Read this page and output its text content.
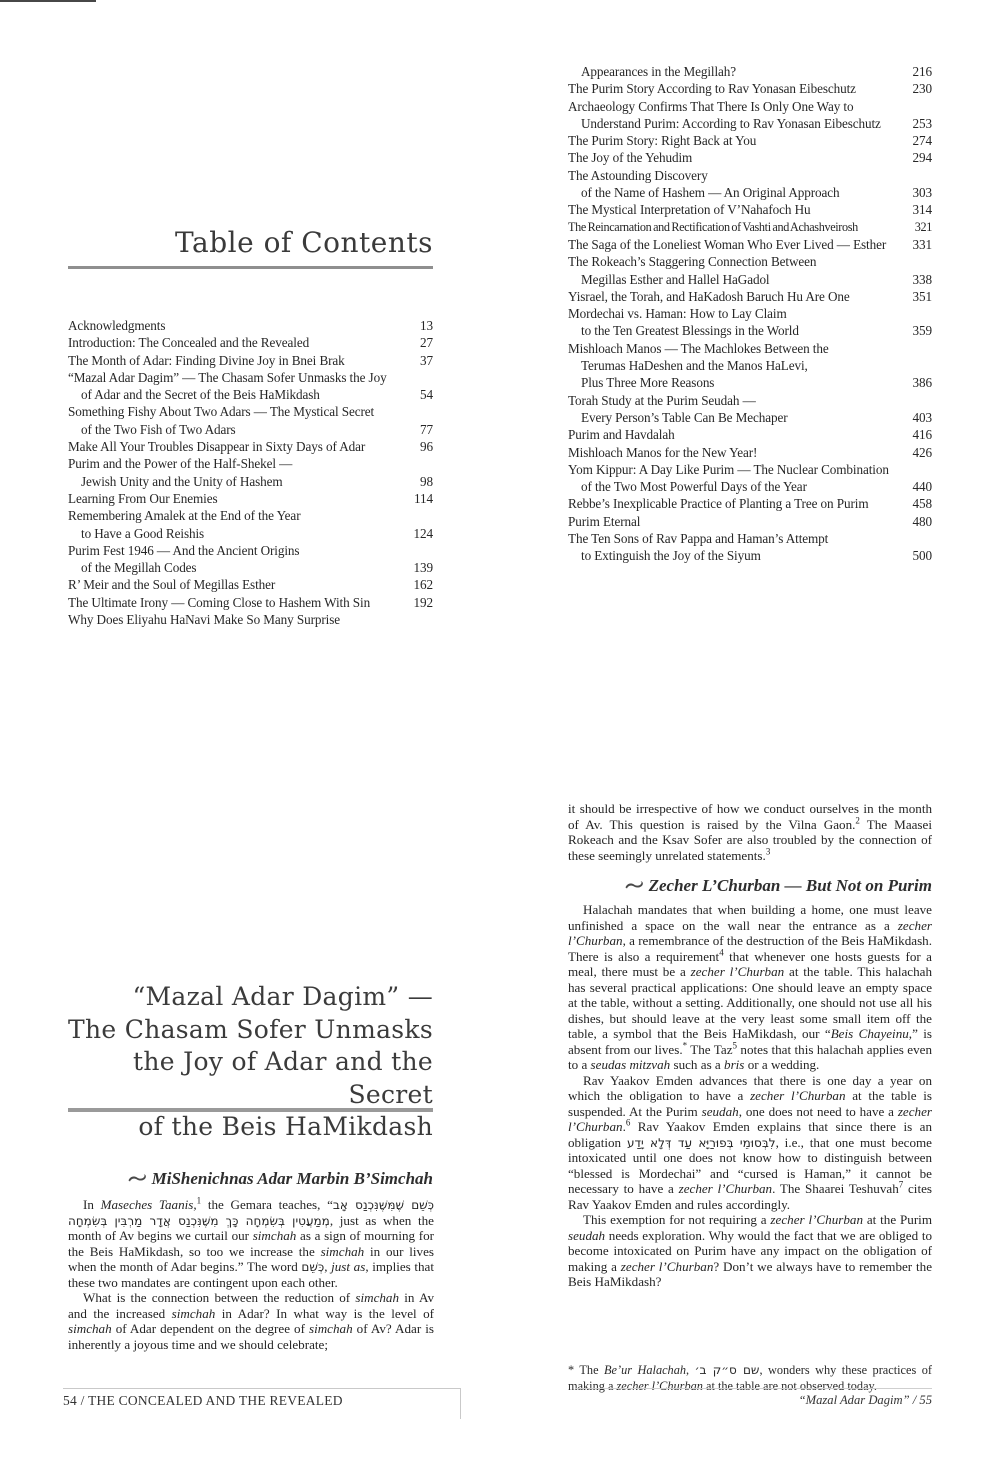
Table of Contents
Acknowledgments	13
Introduction: The Concealed and the Revealed	27
The Month of Adar: Finding Divine Joy in Bnei Brak	37
“Mazal Adar Dagim” — The Chasam Sofer Unmasks the Joy
of Adar and the Secret of the Beis HaMikdash	54
Something Fishy About Two Adars — The Mystical Secret
of the Two Fish of Two Adars	77
Make All Your Troubles Disappear in Sixty Days of Adar	96
Purim and the Power of the Half-Shekel —
Jewish Unity and the Unity of Hashem	98
Learning From Our Enemies	114
Remembering Amalek at the End of the Year
to Have a Good Reishis	124
Purim Fest 1946 — And the Ancient Origins
of the Megillah Codes	139
R’ Meir and the Soul of Megillas Esther	162
The Ultimate Irony — Coming Close to Hashem With Sin	192
Why Does Eliyahu HaNavi Make So Many Surprise
“Mazal Adar Dagim” —
The Chasam Sofer Unmasks
the Joy of Adar and the Secret
of the Beis HaMikdash
MiShenichnas Adar Marbin B’Simchah

In Maseches Taanis,$^1$ the Gemara teaches, “כְּשֵׁם שֶׁמִּשֶּׁנִּכְנַס אָב מְמַעֲטִין בְּשִׂמְחָה כָּךְ מִשֶּׁנִּכְנַס אֲדָר מַרְבִּין בְּשִׂמְחָה, just as when the month of Av begins we curtail our simchah as a sign of mourning for the Beis HaMikdash, so too we increase the simchah in our lives when the month of Adar begins.” The word כְּשֵׁם, just as, implies that these two mandates are contingent upon each other.

What is the connection between the reduction of simchah in Av and the increased simchah in Adar? In what way is the level of simchah of Adar dependent on the degree of simchah of Av? Adar is inherently a joyous time and we should celebrate;

54 / THE CONCEALED AND THE REVEALED
Appearances in the Megillah?	216
The Purim Story According to Rav Yonasan Eibeschutz	230
Archaeology Confirms That There Is Only One Way to
Understand Purim: According to Rav Yonasan Eibeschutz	253
The Purim Story: Right Back at You	274
The Joy of the Yehudim	294
The Astounding Discovery
of the Name of Hashem — An Original Approach	303
The Mystical Interpretation of V’Nahafoch Hu	314
The Reincarnation and Rectification of Vashti and Achashveirosh	321
The Saga of the Loneliest Woman Who Ever Lived — Esther	331
The Rokeach’s Staggering Connection Between
Megillas Esther and Hallel HaGadol	338
Yisrael, the Torah, and HaKadosh Baruch Hu Are One	351
Mordechai vs. Haman: How to Lay Claim
to the Ten Greatest Blessings in the World	359
Mishloach Manos — The Machlokes Between the
Terumas HaDeshen and the Manos HaLevi,
Plus Three More Reasons	386
Torah Study at the Purim Seudah —
Every Person’s Table Can Be Mechaper	403
Purim and Havdalah	416
Mishloach Manos for the New Year!	426
Yom Kippur: A Day Like Purim — The Nuclear Combination
of the Two Most Powerful Days of the Year	440
Rebbe’s Inexplicable Practice of Planting a Tree on Purim	458
Purim Eternal	480
The Ten Sons of Rav Pappa and Haman’s Attempt
to Extinguish the Joy of the Siyum	500

it should be irrespective of how we conduct ourselves in the month of Av. This question is raised by the Vilna Gaon.$^2$ The Maasei Rokeach and the Ksav Sofer are also troubled by the connection of these seemingly unrelated statements.$^3$

Zecher L’Churban — But Not on Purim

Halachah mandates that when building a home, one must leave unfinished a space on the wall near the entrance as a zecher l’Churban, a remembrance of the destruction of the Beis HaMikdash. There is also a requirement$^4$ that whenever one hosts guests for a meal, there must be a zecher l’Churban at the table. This halachah has several practical applications: One should leave an empty space at the table, without a setting. Additionally, one should not use all his dishes, but should leave at the very least some small item off the table, a symbol that the Beis HaMikdash, our “Beis Chayeinu,” is absent from our lives.* The Taz$^5$ notes that this halachah applies even to a seudas mitzvah such as a bris or a wedding.

Rav Yaakov Emden advances that there is one day a year on which the obligation to have a zecher l’Churban at the table is suspended. At the Purim seudah, one does not need to have a zecher l’Churban.$^6$ Rav Yaakov Emden explains that since there is an obligation לִבְּסוּמֵי בְּפוּרַיָּא עַד דְּלָא יָדַע, i.e., that one must become intoxicated until one does not know how to distinguish between “blessed is Mordechai” and “cursed is Haman,” it cannot be necessary to have a zecher l’Churban. The Shaarei Teshuvah$^7$ cites Rav Yaakov Emden and rules accordingly.

This exemption for not requiring a zecher l’Churban at the Purim seudah needs exploration. Why would the fact that we are obliged to become intoxicated on Purim have any impact on the obligation of making a zecher l’Churban? Don’t we always have to remember the Beis HaMikdash?

* The Be’ur Halachah, שם ס״ק ב׳, wonders why these practices of making a zecher l’Churban at the table are not observed today.

“Mazal Adar Dagim” / 55
